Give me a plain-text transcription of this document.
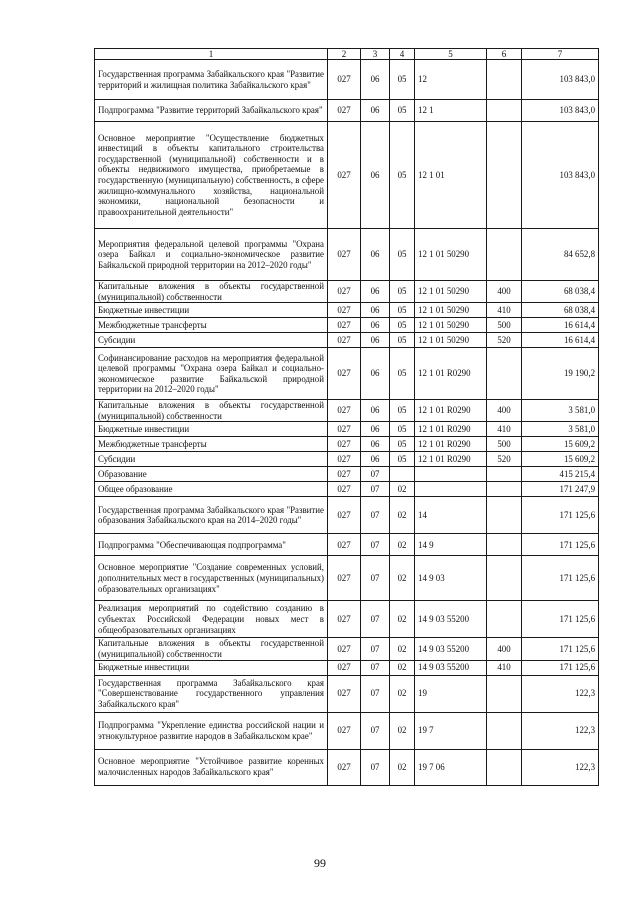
1	2	3	4	5	6	7
Государственная программа Забайкальского края "Развитие территорий и жилищная политика Забайкальского края"	027	06	05	12		103 843,0
Подпрограмма "Развитие территорий Забайкальского края"	027	06	05	12 1		103 843,0
Основное мероприятие "Осуществление бюджетных инвестиций в объекты капитального строительства государственной (муниципальной) собственности и в объекты недвижимого имущества, приобретаемые в государственную (муниципальную) собственность, в сфере жилищно-коммунального хозяйства, национальной экономики, национальной безопасности и правоохранительной деятельности"	027	06	05	12 1 01		103 843,0
Мероприятия федеральной целевой программы "Охрана озера Байкал и социально-экономическое развитие Байкальской природной территории на 2012–2020 годы"	027	06	05	12 1 01 50290		84 652,8
Капитальные вложения в объекты государственной (муниципальной) собственности	027	06	05	12 1 01 50290	400	68 038,4
Бюджетные инвестиции	027	06	05	12 1 01 50290	410	68 038,4
Межбюджетные трансферты	027	06	05	12 1 01 50290	500	16 614,4
Субсидии	027	06	05	12 1 01 50290	520	16 614,4
Софинансирование расходов на мероприятия федеральной целевой программы "Охрана озера Байкал и социально-экономическое развитие Байкальской природной территории на 2012–2020 годы"	027	06	05	12 1 01 R0290		19 190,2
Капитальные вложения в объекты государственной (муниципальной) собственности	027	06	05	12 1 01 R0290	400	3 581,0
Бюджетные инвестиции	027	06	05	12 1 01 R0290	410	3 581,0
Межбюджетные трансферты	027	06	05	12 1 01 R0290	500	15 609,2
Субсидии	027	06	05	12 1 01 R0290	520	15 609,2
Образование	027	07				415 215,4
Общее образование	027	07	02			171 247,9
Государственная программа Забайкальского края "Развитие образования Забайкальского края на 2014–2020 годы"	027	07	02	14		171 125,6
Подпрограмма "Обеспечивающая подпрограмма"	027	07	02	14 9		171 125,6
Основное мероприятие "Создание современных условий, дополнительных мест в государственных (муниципальных) образовательных организациях"	027	07	02	14 9 03		171 125,6
Реализация мероприятий по содействию созданию в субъектах Российской Федерации новых мест в общеобразовательных организациях	027	07	02	14 9 03 55200		171 125,6
Капитальные вложения в объекты государственной (муниципальной) собственности	027	07	02	14 9 03 55200	400	171 125,6
Бюджетные инвестиции	027	07	02	14 9 03 55200	410	171 125,6
Государственная программа Забайкальского края "Совершенствование государственного управления Забайкальского края"	027	07	02	19		122,3
Подпрограмма "Укрепление единства российской нации и этнокультурное развитие народов в Забайкальском крае"	027	07	02	19 7		122,3
Основное мероприятие "Устойчивое развитие коренных малочисленных народов Забайкальского края"	027	07	02	19 7 06		122,3
99
